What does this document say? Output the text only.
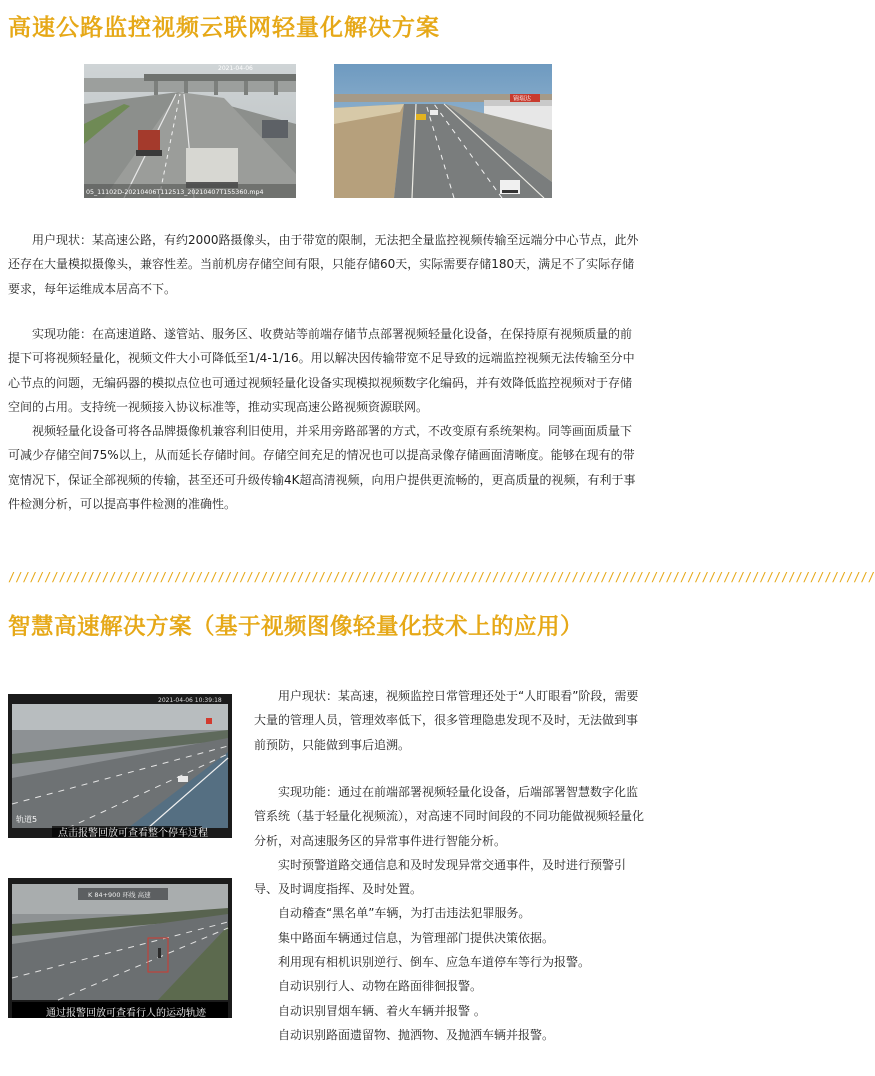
高速公路监控视频云联网轻量化解决方案
2021-04-06
05_11102D-20210406T112513_20210407T155360.mp4
锦瑞达

用户现状：某高速公路，有约2000路摄像头，由于带宽的限制，无法把全量监控视频传输至远端分中心节点，此外还存在大量模拟摄像头，兼容性差。当前机房存储空间有限，只能存储60天，实际需要存储180天，满足不了实际存储要求，每年运维成本居高不下。

实现功能：在高速道路、遂管站、服务区、收费站等前端存储节点部署视频轻量化设备，在保持原有视频质量的前提下可将视频轻量化，视频文件大小可降低至1/4-1/16。用以解决因传输带宽不足导致的远端监控视频无法传输至分中心节点的问题，无编码器的模拟点位也可通过视频轻量化设备实现模拟视频数字化编码，并有效降低监控视频对于存储空间的占用。支持统一视频接入协议标准等，推动实现高速公路视频资源联网。

视频轻量化设备可将各品牌摄像机兼容利旧使用，并采用旁路部署的方式，不改变原有系统架构。同等画面质量下可减少存储空间75%以上，从而延长存储时间。存储空间充足的情况也可以提高录像存储画面清晰度。能够在现有的带宽情况下，保证全部视频的传输，甚至还可升级传输4K超高清视频，向用户提供更流畅的，更高质量的视频，有利于事件检测分析，可以提高事件检测的准确性。

////////////////////////////////////////////////////////////////////////////////////////////////////////////////////////
智慧高速解决方案（基于视频图像轻量化技术上的应用）
2021-04-06 10:39:18
轨道5
点击报警回放可查看整个停车过程
K 84+900 环线 高速
通过报警回放可查看行人的运动轨迹

用户现状：某高速，视频监控日常管理还处于“人盯眼看”阶段，需要大量的管理人员，管理效率低下，很多管理隐患发现不及时，无法做到事前预防，只能做到事后追溯。

实现功能：通过在前端部署视频轻量化设备，后端部署智慧数字化监管系统（基于轻量化视频流），对高速不同时间段的不同功能做视频轻量化分析，对高速服务区的异常事件进行智能分析。

实时预警道路交通信息和及时发现异常交通事件，及时进行预警引导、及时调度指挥、及时处置。

自动稽查“黑名单”车辆，为打击违法犯罪服务。

集中路面车辆通过信息，为管理部门提供决策依据。

利用现有相机识别逆行、倒车、应急车道停车等行为报警。

自动识别行人、动物在路面徘徊报警。

自动识别冒烟车辆、着火车辆并报警 。

自动识别路面遗留物、抛洒物、及抛洒车辆并报警。
